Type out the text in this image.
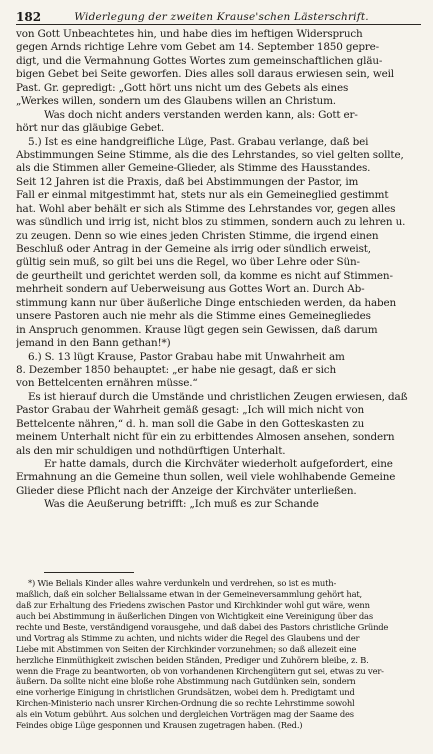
182	Widerlegung der zweiten Krause'schen Lästerschrift.
von Gott Unbeachtetes hin, und habe dies im heftigen Widerspruch
gegen Arnds richtige Lehre vom Gebet am 14. September 1850 gepre-
digt, und die Vermahnung Gottes Wortes zum gemeinschaftlichen gläu-
bigen Gebet bei Seite geworfen. Dies alles soll daraus erwiesen sein, weil
Past. Gr. gepredigt: „Gott hört uns nicht um des Gebets als eines
„Werkes willen, sondern um des Glaubens willen an Christum.
Was doch nicht anders verstanden werden kann, als: Gott er-
hört nur das gläubige Gebet.
5.) Ist es eine handgreifliche Lüge, Past. Grabau verlange, daß bei
Abstimmungen Seine Stimme, als die des Lehrstandes, so viel gelten sollte,
als die Stimmen aller Gemeine-Glieder, als Stimme des Hausstandes.
Seit 12 Jahren ist die Praxis, daß bei Abstimmungen der Pastor, im
Fall er einmal mitgestimmt hat, stets nur als ein Gemeineglied gestimmt
hat. Wohl aber behält er sich als Stimme des Lehrstandes vor, gegen alles
was sündlich und irrig ist, nicht blos zu stimmen, sondern auch zu lehren u.
zu zeugen. Denn so wie eines jeden Christen Stimme, die irgend einen
Beschluß oder Antrag in der Gemeine als irrig oder sündlich erweist,
gültig sein muß, so gilt bei uns die Regel, wo über Lehre oder Sün-
de geurtheilt und gerichtet werden soll, da komme es nicht auf Stimmen-
mehrheit sondern auf Ueberweisung aus Gottes Wort an. Durch Ab-
stimmung kann nur über äußerliche Dinge entschieden werden, da haben
unsere Pastoren auch nie mehr als die Stimme eines Gemeinegliedes
in Anspruch genommen. Krause lügt gegen sein Gewissen, daß darum
jemand in den Bann gethan!*)
6.) S. 13 lügt Krause, Pastor Grabau habe mit Unwahrheit am
8. Dezember 1850 behauptet: „er habe nie gesagt, daß er sich
von Bettelcenten ernähren müsse.“
Es ist hierauf durch die Umstände und christlichen Zeugen erwiesen, daß
Pastor Grabau der Wahrheit gemäß gesagt: „Ich will mich nicht von
Bettelcente nähren,“ d. h. man soll die Gabe in den Gotteskasten zu
meinem Unterhalt nicht für ein zu erbittendes Almosen ansehen, sondern
als den mir schuldigen und nothdürftigen Unterhalt.
Er hatte damals, durch die Kirchväter wiederholt aufgefordert, eine
Ermahnung an die Gemeine thun sollen, weil viele wohlhabende Gemeine
Glieder diese Pflicht nach der Anzeige der Kirchväter unterließen.
Was die Aeußerung betrifft: „Ich muß es zur Schande
*) Wie Belials Kinder alles wahre verdunkeln und verdrehen, so ist es muth-
maßlich, daß ein solcher Belialssame etwan in der Gemeineversammlung gehört hat,
daß zur Erhaltung des Friedens zwischen Pastor und Kirchkinder wohl gut wäre, wenn
auch bei Abstimmung in äußerlichen Dingen von Wichtigkeit eine Vereinigung über das
rechte und Beste, verständigend vorausgehe, und daß dabei des Pastors christliche Gründe
und Vortrag als Stimme zu achten, und nichts wider die Regel des Glaubens und der
Liebe mit Abstimmen von Seiten der Kirchkinder vorzunehmen; so daß allezeit eine
herzliche Einmüthigkeit zwischen beiden Ständen, Prediger und Zuhörern bleibe, z. B.
wenn die Frage zu beantworten, ob von vorhandenen Kirchengütern gut sei, etwas zu ver-
äußern. Da sollte nicht eine bloße rohe Abstimmung nach Gutdünken sein, sondern
eine vorherige Einigung in christlichen Grundsätzen, wobei dem h. Predigtamt und
Kirchen-Ministerio nach unsrer Kirchen-Ordnung die so rechte Lehrstimme sowohl
als ein Votum gebührt. Aus solchen und dergleichen Vorträgen mag der Saame des
Feindes obige Lüge gesponnen und Krausen zugetragen haben. (Red.)
